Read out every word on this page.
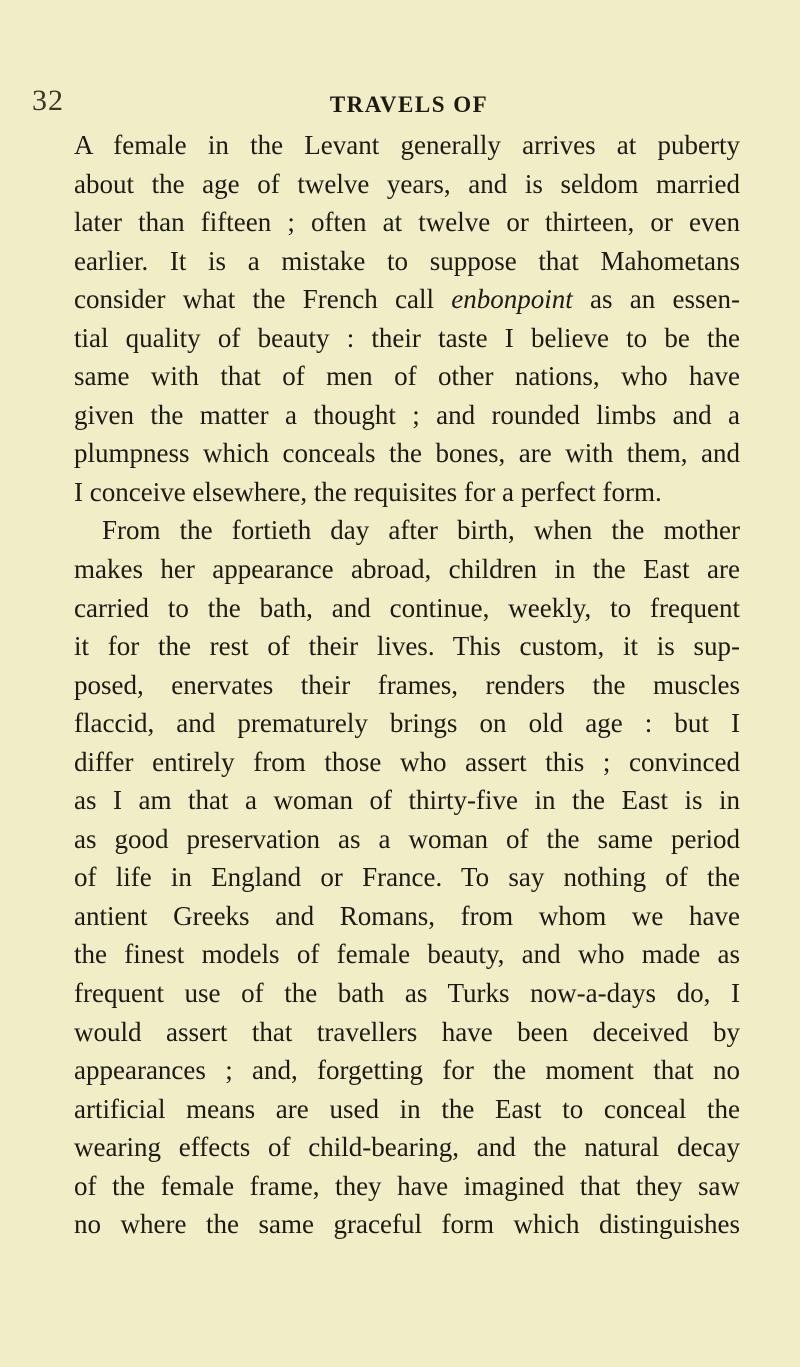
32	TRAVELS OF
A female in the Levant generally arrives at puberty
about the age of twelve years, and is seldom married
later than fifteen ; often at twelve or thirteen, or even
earlier. It is a mistake to suppose that Mahometans
consider what the French call enbonpoint as an essen-
tial quality of beauty : their taste I believe to be the
same with that of men of other nations, who have
given the matter a thought ; and rounded limbs and a
plumpness which conceals the bones, are with them, and
I conceive elsewhere, the requisites for a perfect form.
From the fortieth day after birth, when the mother
makes her appearance abroad, children in the East are
carried to the bath, and continue, weekly, to frequent
it for the rest of their lives. This custom, it is sup-
posed, enervates their frames, renders the muscles
flaccid, and prematurely brings on old age : but I
differ entirely from those who assert this ; convinced
as I am that a woman of thirty-five in the East is in
as good preservation as a woman of the same period
of life in England or France. To say nothing of the
antient Greeks and Romans, from whom we have
the finest models of female beauty, and who made as
frequent use of the bath as Turks now-a-days do, I
would assert that travellers have been deceived by
appearances ; and, forgetting for the moment that no
artificial means are used in the East to conceal the
wearing effects of child-bearing, and the natural decay
of the female frame, they have imagined that they saw
no where the same graceful form which distinguishes
